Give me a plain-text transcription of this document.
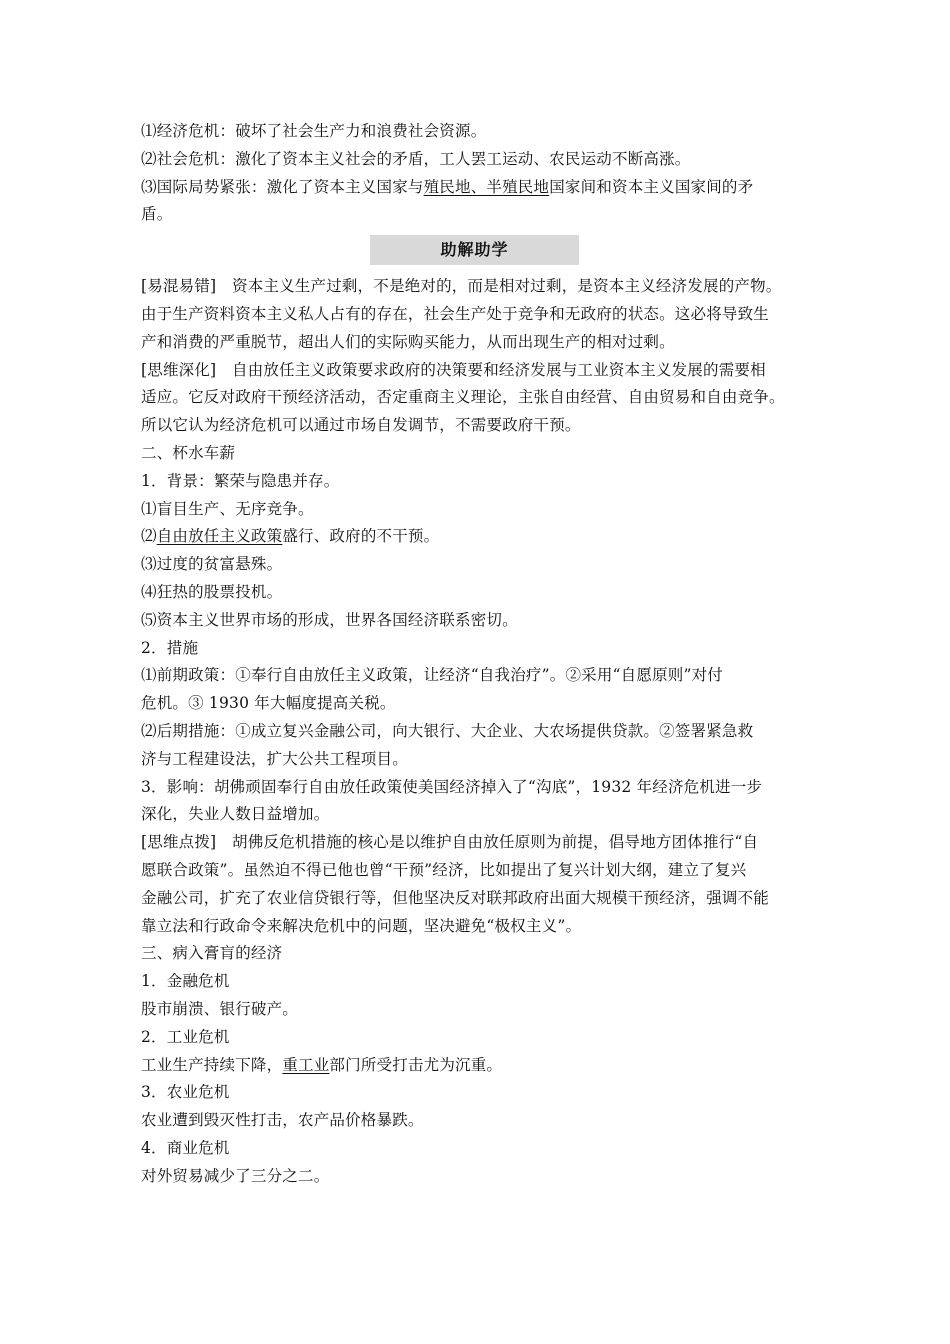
⑴经济危机：破坏了社会生产力和浪费社会资源。
⑵社会危机：激化了资本主义社会的矛盾，工人罢工运动、农民运动不断高涨。
⑶国际局势紧张：激化了资本主义国家与殖民地、半殖民地国家间和资本主义国家间的矛
盾。
助解助学
[易混易错]　资本主义生产过剩，不是绝对的，而是相对过剩，是资本主义经济发展的产物。
由于生产资料资本主义私人占有的存在，社会生产处于竞争和无政府的状态。这必将导致生
产和消费的严重脱节，超出人们的实际购买能力，从而出现生产的相对过剩。
[思维深化]　自由放任主义政策要求政府的决策要和经济发展与工业资本主义发展的需要相
适应。它反对政府干预经济活动，否定重商主义理论，主张自由经营、自由贸易和自由竞争。
所以它认为经济危机可以通过市场自发调节，不需要政府干预。
二、杯水车薪
1．背景：繁荣与隐患并存。
⑴盲目生产、无序竞争。
⑵自由放任主义政策盛行、政府的不干预。
⑶过度的贫富悬殊。
⑷狂热的股票投机。
⑸资本主义世界市场的形成，世界各国经济联系密切。
2．措施
⑴前期政策：①奉行自由放任主义政策，让经济“自我治疗”。②采用“自愿原则”对付
危机。③ 1930 年大幅度提高关税。
⑵后期措施：①成立复兴金融公司，向大银行、大企业、大农场提供贷款。②签署紧急救
济与工程建设法，扩大公共工程项目。
3．影响：胡佛顽固奉行自由放任政策使美国经济掉入了“沟底”，1932 年经济危机进一步
深化，失业人数日益增加。
[思维点拨]　胡佛反危机措施的核心是以维护自由放任原则为前提，倡导地方团体推行“自
愿联合政策”。虽然迫不得已他也曾“干预”经济，比如提出了复兴计划大纲，建立了复兴
金融公司，扩充了农业信贷银行等，但他坚决反对联邦政府出面大规模干预经济，强调不能
靠立法和行政命令来解决危机中的问题，坚决避免“极权主义”。
三、病入膏肓的经济
1．金融危机
股市崩溃、银行破产。
2．工业危机
工业生产持续下降，重工业部门所受打击尤为沉重。
3．农业危机
农业遭到毁灭性打击，农产品价格暴跌。
4．商业危机
对外贸易减少了三分之二。
